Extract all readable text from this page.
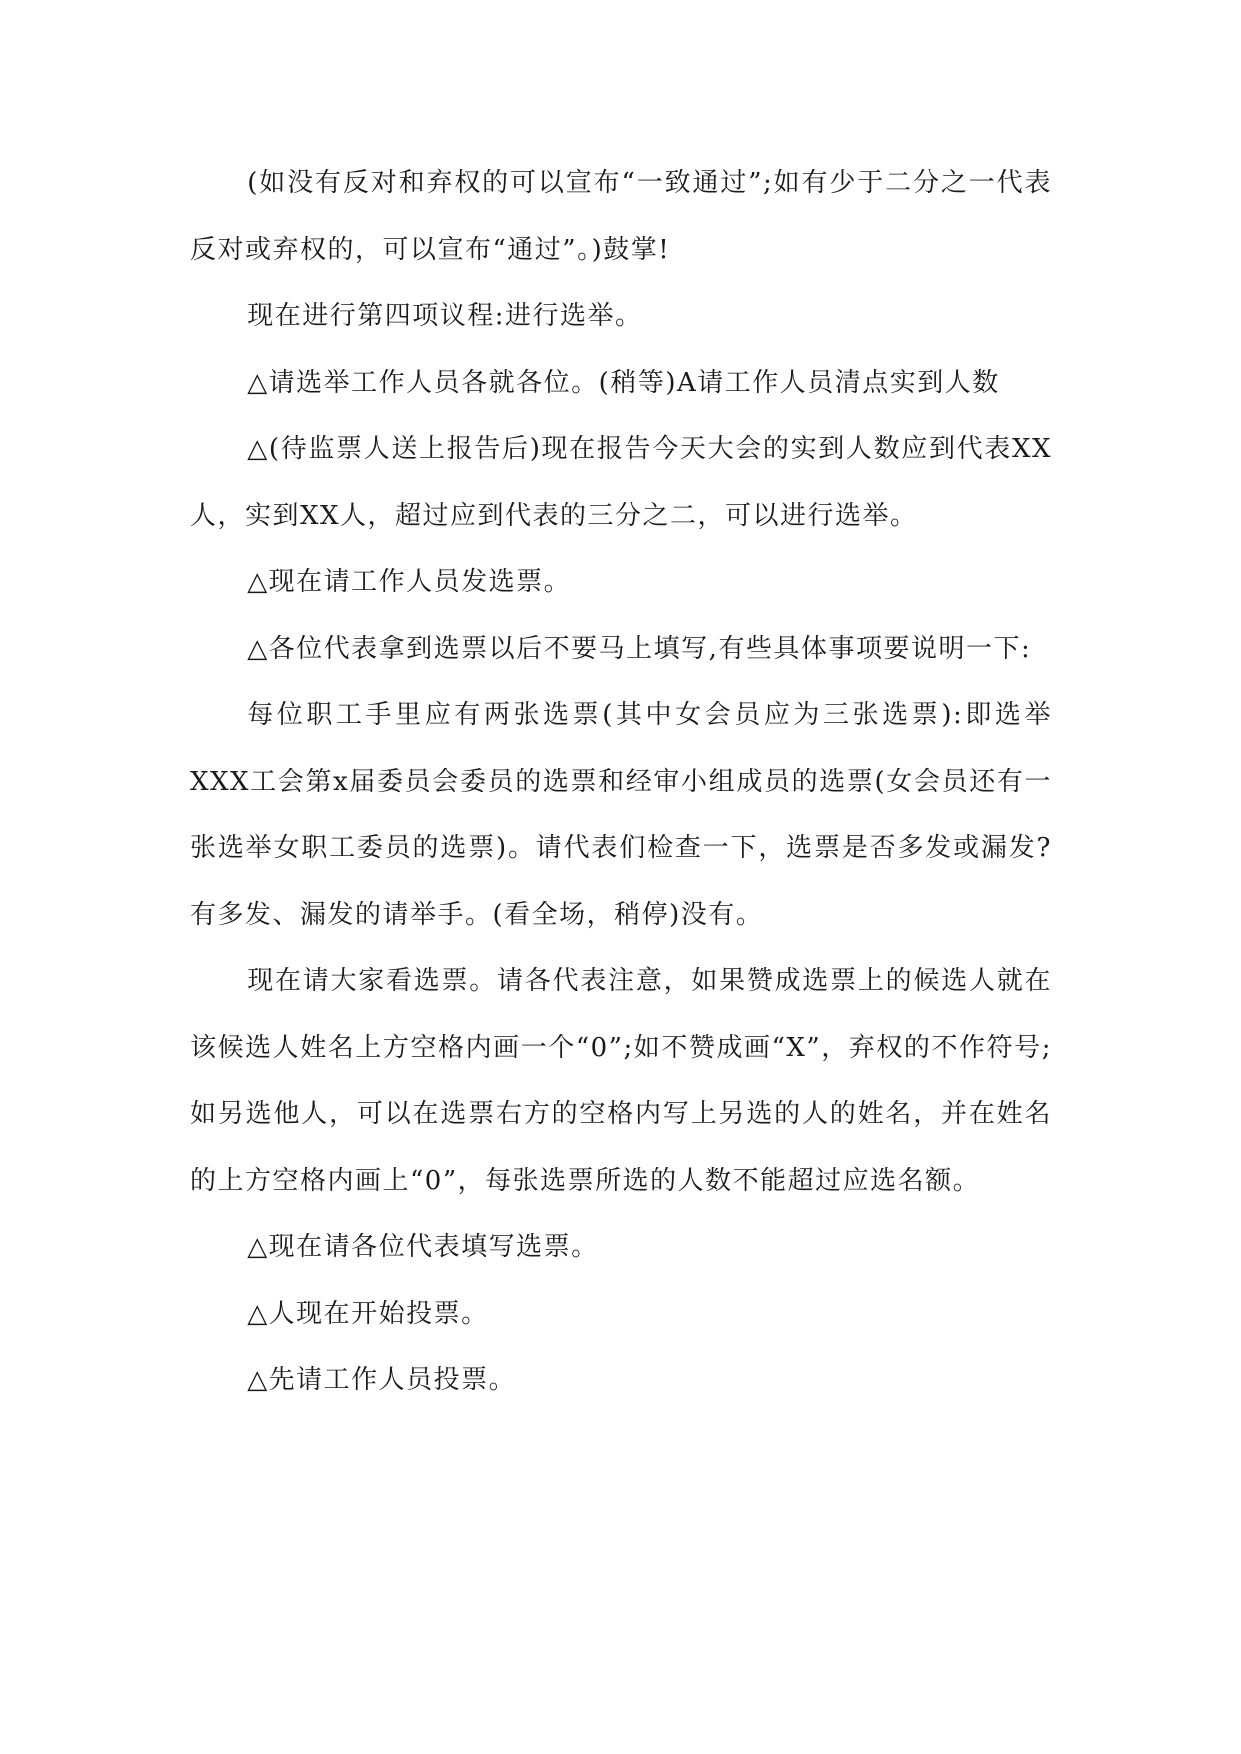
(如没有反对和弃权的可以宣布“一致通过”;如有少于二分之一代表反对或弃权的，可以宣布“通过”。)鼓掌!

现在进行第四项议程:进行选举。

△请选举工作人员各就各位。(稍等)A请工作人员清点实到人数

△(待监票人送上报告后)现在报告今天大会的实到人数应到代表XX人，实到XX人，超过应到代表的三分之二，可以进行选举。

△现在请工作人员发选票。

△各位代表拿到选票以后不要马上填写,有些具体事项要说明一下:

每位职工手里应有两张选票(其中女会员应为三张选票):即选举XXX工会第x届委员会委员的选票和经审小组成员的选票(女会员还有一张选举女职工委员的选票)。请代表们检查一下，选票是否多发或漏发?有多发、漏发的请举手。(看全场，稍停)没有。

现在请大家看选票。请各代表注意，如果赞成选票上的候选人就在该候选人姓名上方空格内画一个“0”;如不赞成画“X”，弃权的不作符号;如另选他人，可以在选票右方的空格内写上另选的人的姓名，并在姓名的上方空格内画上“0”，每张选票所选的人数不能超过应选名额。

△现在请各位代表填写选票。

△人现在开始投票。

△先请工作人员投票。
